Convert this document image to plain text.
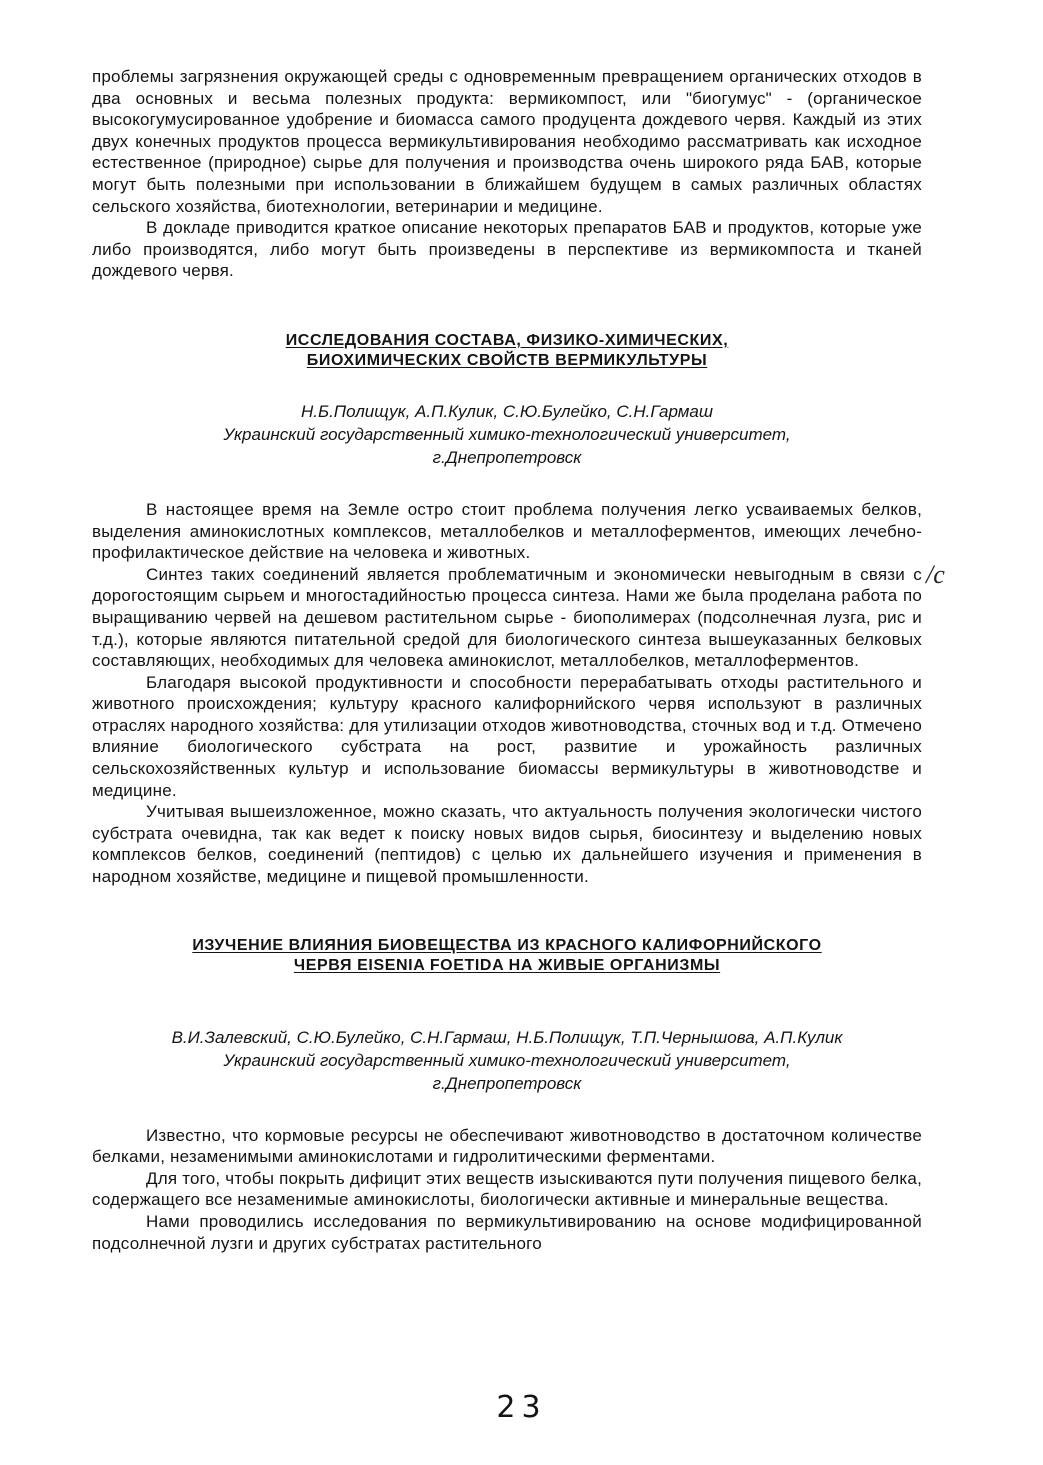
проблемы загрязнения окружающей среды с одновременным превращением органических отходов в два основных и весьма полезных продукта: вермикомпост, или "биогумус" - (органическое высокогумусированное удобрение и биомасса самого продуцента дождевого червя. Каждый из этих двух конечных продуктов процесса вермикультивирования необходимо рассматривать как исходное естественное (природное) сырье для получения и производства очень широкого ряда БАВ, которые могут быть полезными при использовании в ближайшем будущем в самых различных областях сельского хозяйства, биотехнологии, ветеринарии и медицине.

В докладе приводится краткое описание некоторых препаратов БАВ и продуктов, которые уже либо производятся, либо могут быть произведены в перспективе из вермикомпоста и тканей дождевого червя.

ИССЛЕДОВАНИЯ СОСТАВА, ФИЗИКО-ХИМИЧЕСКИХ,

БИОХИМИЧЕСКИХ СВОЙСТВ ВЕРМИКУЛЬТУРЫ

Н.Б.Полищук, А.П.Кулик, С.Ю.Булейко, С.Н.Гармаш

Украинский государственный химико-технологический университет,

г.Днепропетровск

В настоящее время на Земле остро стоит проблема получения легко усваиваемых белков, выделения аминокислотных комплексов, металлобелков и металлоферментов, имеющих лечебно-профилактическое действие на человека и животных.

Синтез таких соединений является проблематичным и экономически невыгодным в связи с дорогостоящим сырьем и многостадийностью процесса синтеза. Нами же была проделана работа по выращиванию червей на дешевом растительном сырье - биополимерах (подсолнечная лузга, рис и т.д.), которые являются питательной средой для биологического синтеза вышеуказанных белковых составляющих, необходимых для человека аминокислот, металлобелков, металлоферментов.

Благодаря высокой продуктивности и способности перерабатывать отходы растительного и животного происхождения; культуру красного калифорнийского червя используют в различных отраслях народного хозяйства: для утилизации отходов животноводства, сточных вод и т.д. Отмечено влияние биологического субстрата на рост, развитие и урожайность различных сельскохозяйственных культур и использование биомассы вермикультуры в животноводстве и медицине.

Учитывая вышеизложенное, можно сказать, что актуальность получения экологически чистого субстрата очевидна, так как ведет к поиску новых видов сырья, биосинтезу и выделению новых комплексов белков, соединений (пептидов) с целью их дальнейшего изучения и применения в народном хозяйстве, медицине и пищевой промышленности.

ИЗУЧЕНИЕ ВЛИЯНИЯ БИОВЕЩЕСТВА ИЗ КРАСНОГО КАЛИФОРНИЙСКОГО

ЧЕРВЯ EISENIA FOETIDA НА ЖИВЫЕ ОРГАНИЗМЫ

В.И.Залевский, С.Ю.Булейко, С.Н.Гармаш, Н.Б.Полищук, Т.П.Чернышова, А.П.Кулик

Украинский государственный химико-технологический университет,

г.Днепропетровск

Известно, что кормовые ресурсы не обеспечивают животноводство в достаточном количестве белками, незаменимыми аминокислотами и гидролитическими ферментами.

Для того, чтобы покрыть дифицит этих веществ изыскиваются пути получения пищевого белка, содержащего все незаменимые аминокислоты, биологически активные и минеральные вещества.

Нами проводились исследования по вермикультивированию на основе модифицированной подсолнечной лузги и других субстратах растительного

/с
23
